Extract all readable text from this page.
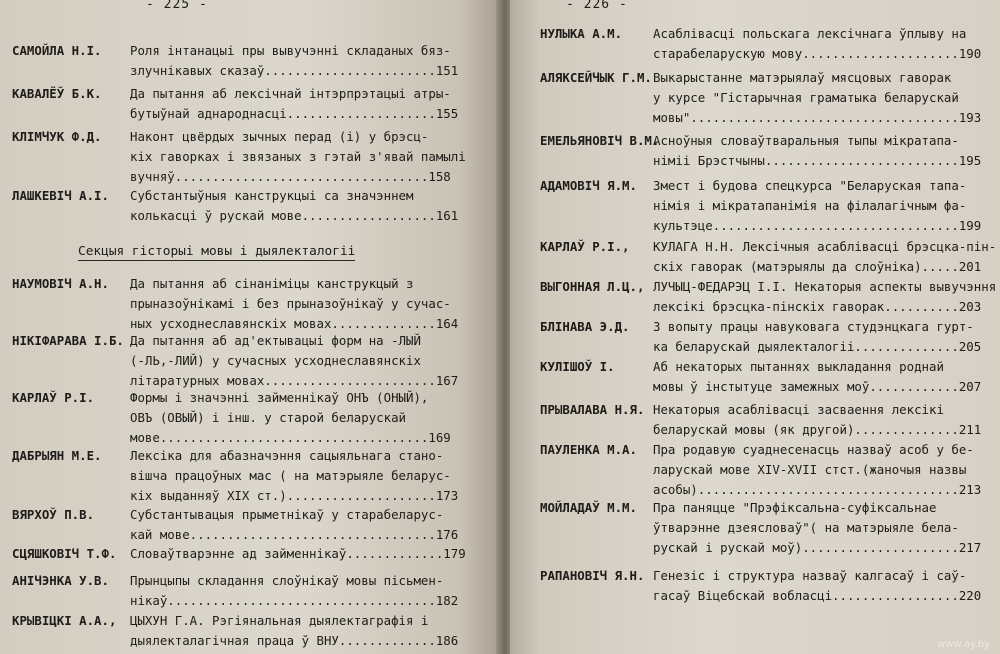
- 225 -
САМОЙЛА Н.І. Роля інтанацыі пры вывучэнні складаных бяз-
злучнікавых сказаў.......................151
КАВАЛЁЎ Б.К. Да пытання аб лексічнай інтэрпрэтацыі атры-
бутыўнай аднароднасці....................155
КЛІМЧУК Ф.Д. Наконт цвёрдых зычных перад (і) у брэсц-
кіх гаворках і звязаных з гэтай з'явай памылі
вучняў..................................158
ЛАШКЕВІЧ А.І. Субстантыўныя канструкцыі са значэннем
колькасці ў рускай мове..................161
Секцыя гісторыі мовы і дыялекталогіі
НАУМОВІЧ А.Н. Да пытання аб сінаніміцы канструкцый з
прыназоўнікамі і без прыназоўнікаў у сучас-
ных усходнеславянскіх мовах..............164
НІКІФАРАВА І.Б. Да пытання аб ад'ектывацыі форм на -ЛЫЙ
(-ЛЬ,-ЛИЙ) у сучасных усходнеславянскіх
літаратурных мовах.......................167
КАРЛАЎ Р.І.	Формы і значэнні займеннікаў ОНЪ (ОНЫЙ),
ОВЪ (ОВЫЙ) і інш. у старой беларускай
мове....................................169
ДАБРЫЯН М.Е. Лексіка для абазначэння сацыяльнага стано-
вішча працоўных мас ( на матэрыяле беларус-
кіх выданняў XIX ст.)....................173
ВЯРХОЎ П.В.	Субстантывацыя прыметнікаў у старабеларус-
кай мове.................................176
СЦЯШКОВІЧ Т.Ф. Словаўтварэнне ад займеннікаў.............179
АНІЧЭНКА У.В. Прынцыпы складання слоўнікаў мовы пісьмен-
нікаў....................................182
КРЫВІЦКІ А.А., ЦЫХУН Г.А. Рэгіянальная дыялектаграфія і
дыялекталагічная праца ў ВНУ.............186
- 226 -
НУЛЫКА А.М. Асаблівасці польскага лексічнага ўплыву на
старабеларускую мову.....................190
АЛЯКСЕЙЧЫК Г.М. Выкарыстанне матэрыялаў мясцовых гаворак
у курсе "Гістарычная граматыка беларускай
мовы"....................................193
ЕМЕЛЬЯНОВІЧ В.М.
Асноўныя словаўтваральныя тыпы мікратапа-
німіі Брэстчыны..........................195
АДАМОВІЧ Я.М. Змест і будова спецкурса "Беларуская тапа-
німія і мікратапанімія на філалагічным фа-
культэце.................................199
КАРЛАЎ Р.І., КУЛАГА Н.Н. Лексічныя асаблівасці брэсцка-пін-
скіх гаворак (матэрыялы да слоўніка).....201
ВЫГОННАЯ Л.Ц., ЛУЧЫЦ-ФЕДАРЭЦ І.І. Некаторыя аспекты вывучэння
лексікі брэсцка-пінскіх гаворак..........203
БЛІНАВА Э.Д. З вопыту працы навуковага студэнцкага гурт-
ка беларускай дыялекталогіі..............205
КУЛІШОЎ І.	Аб некаторых пытаннях выкладання роднай
мовы ў інстытуце замежных моў............207
ПРЫВАЛАВА Н.Я. Некаторыя асаблівасці засваення лексікі
беларускай мовы (як другой)..............211
ПАУЛЕНКА М.А. Пра родавую суаднесенасць назваў асоб у бе-
ларускай мове XIV-XVII стст.(жаночыя назвы
асобы)...................................213
МОЙЛАДАЎ М.М. Пра паняцце "Прэфіксальна-суфіксальнае
ўтварэнне дзеясловаў"( на матэрыяле бела-
рускай і рускай моў).....................217
РАПАНОВІЧ Я.Н. Генезіс і структура назваў калгасаў і саў-
гасаў Віцебскай вобласці.................220
www.ay.by
